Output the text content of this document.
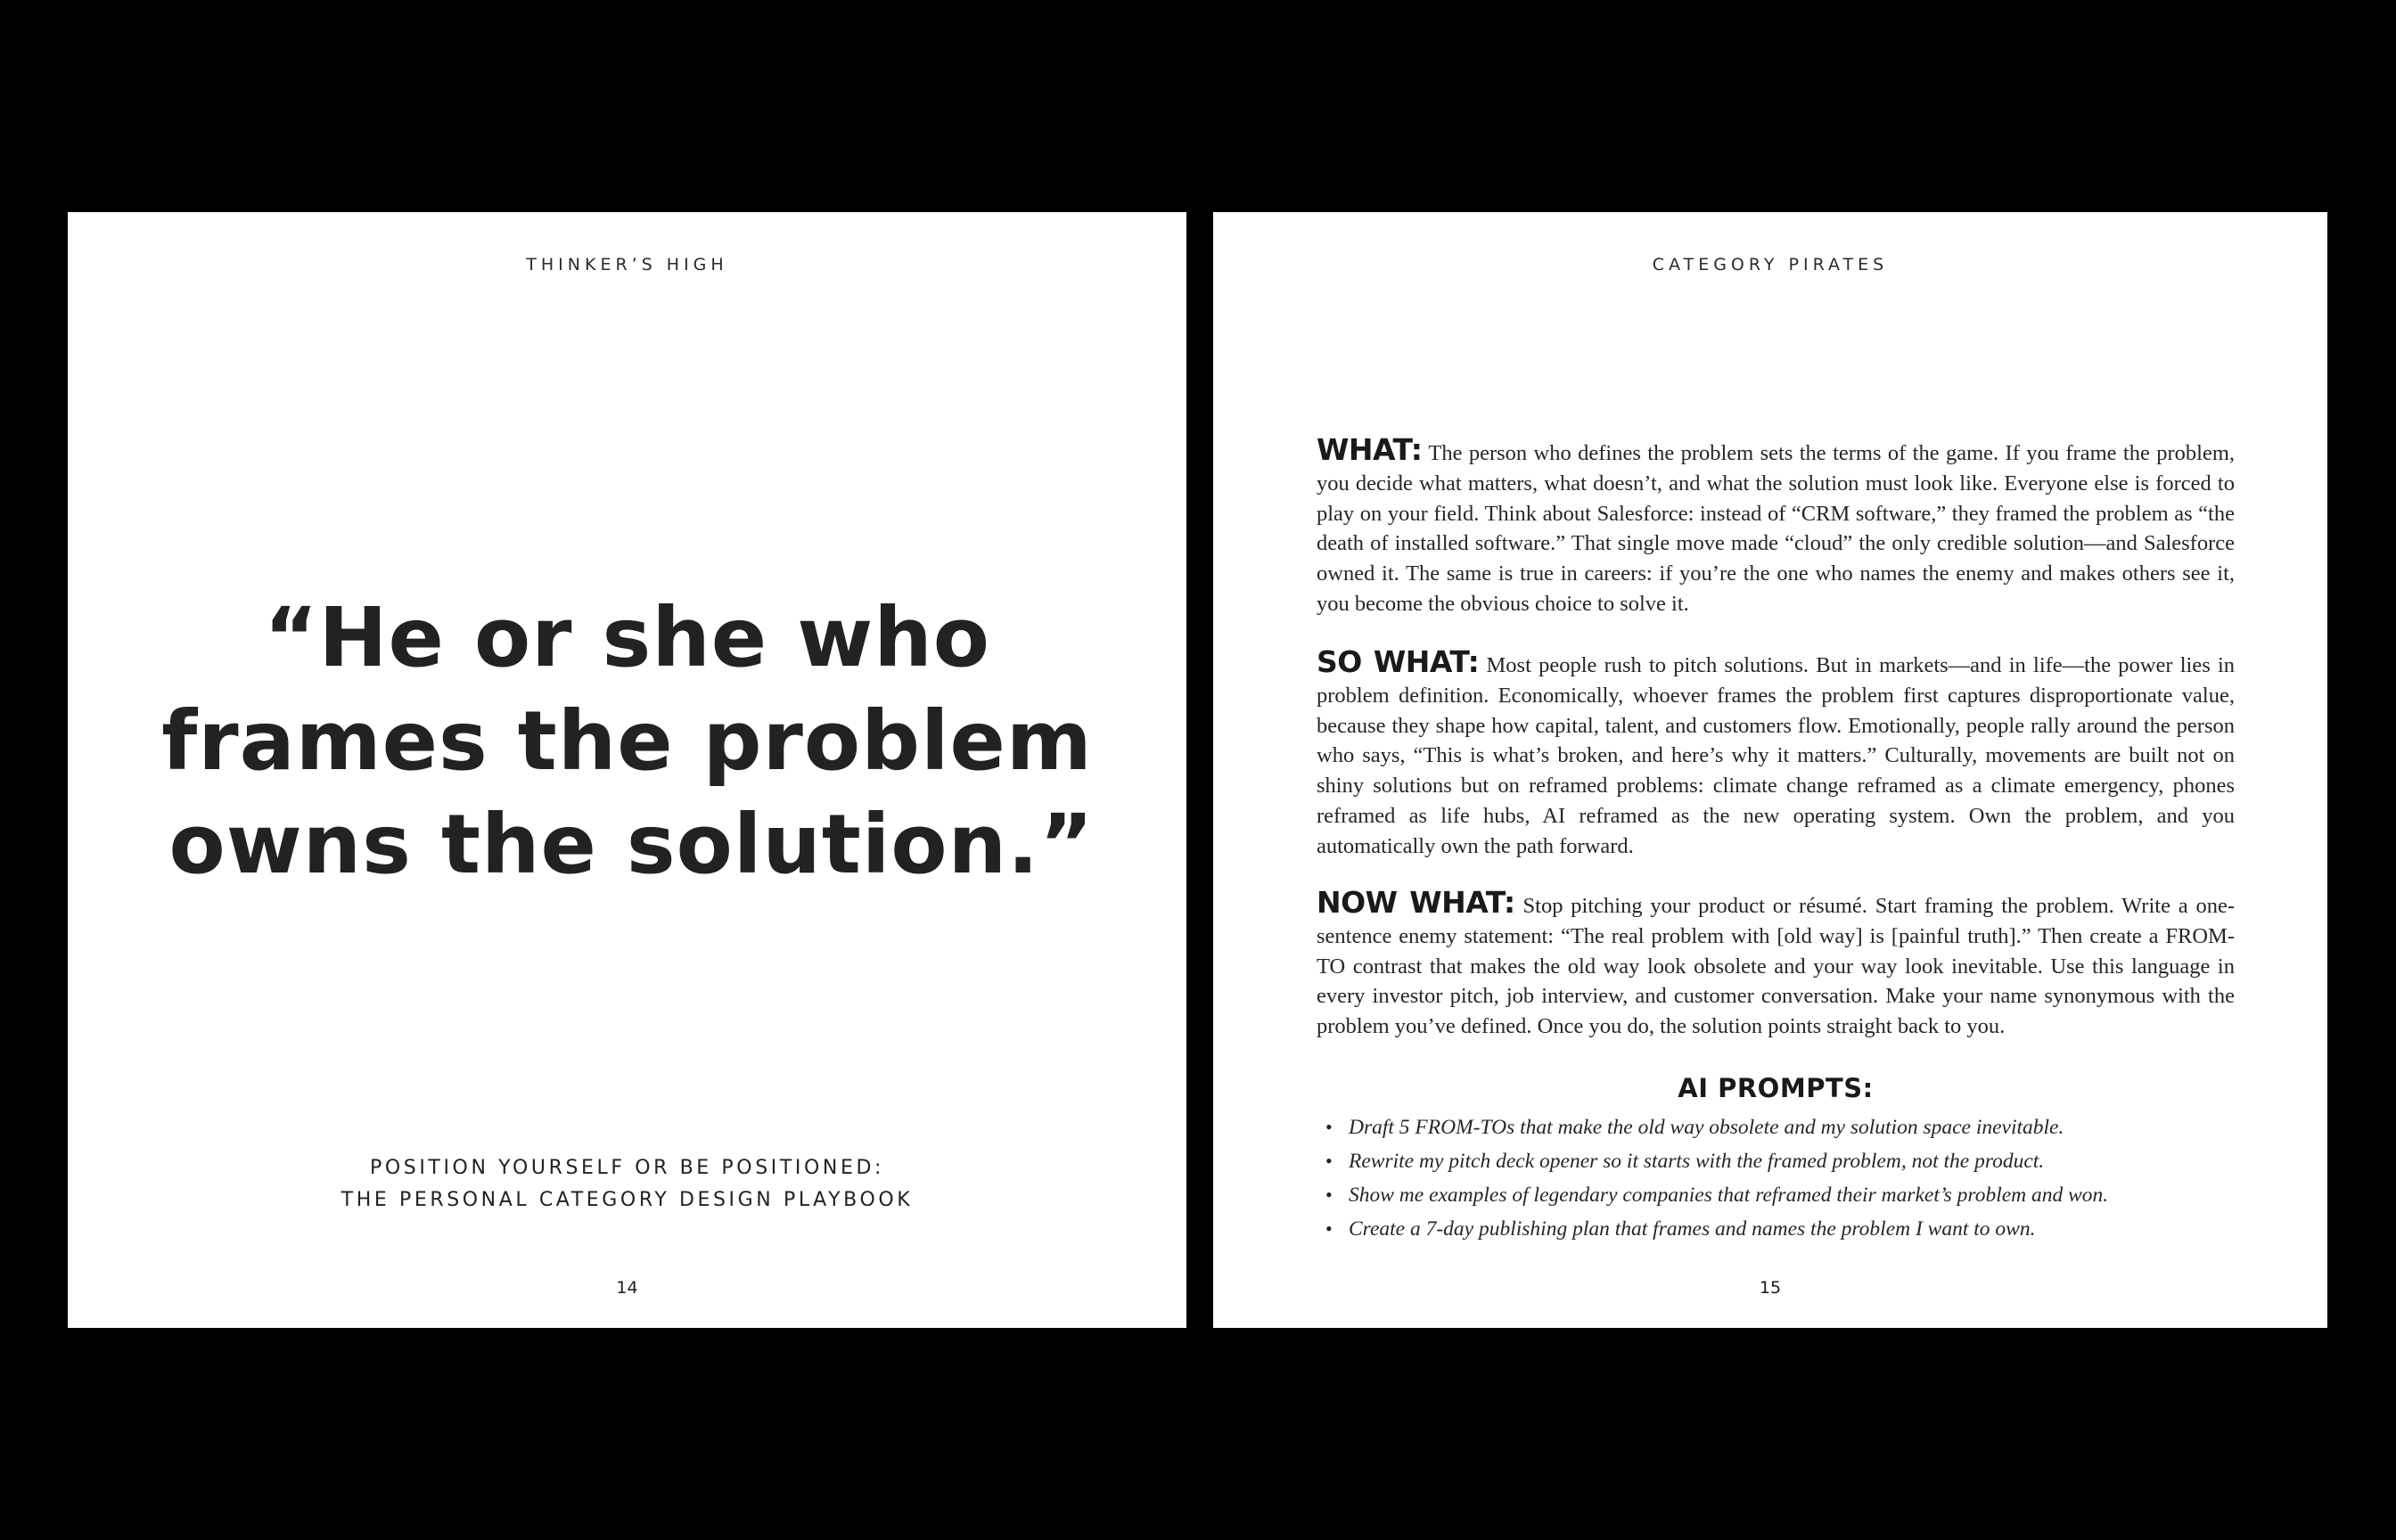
THINKER’S HIGH
“He or she who
frames the problem
owns the solution.”
POSITION YOURSELF OR BE POSITIONED:
THE PERSONAL CATEGORY DESIGN PLAYBOOK
14
CATEGORY PIRATES
WHAT: The person who defines the problem sets the terms of the game. If you frame the problem, you decide what matters, what doesn’t, and what the solution must look like. Everyone else is forced to play on your field. Think about Salesforce: instead of “CRM software,” they framed the problem as “the death of installed software.” That single move made “cloud” the only credible solution—and Salesforce owned it. The same is true in careers: if you’re the one who names the enemy and makes others see it, you become the obvious choice to solve it.
SO WHAT: Most people rush to pitch solutions. But in markets—and in life—the power lies in problem definition. Economically, whoever frames the problem first captures disproportionate value, because they shape how capital, talent, and customers flow. Emotionally, people rally around the person who says, “This is what’s broken, and here’s why it matters.” Culturally, movements are built not on shiny solutions but on reframed problems: climate change reframed as a climate emergency, phones reframed as life hubs, AI reframed as the new operating system. Own the problem, and you automatically own the path forward.
NOW WHAT: Stop pitching your product or résumé. Start framing the problem. Write a one-sentence enemy statement: “The real problem with [old way] is [painful truth].” Then create a FROM-TO contrast that makes the old way look obsolete and your way look inevitable. Use this language in every investor pitch, job interview, and customer conversation. Make your name synonymous with the problem you’ve defined. Once you do, the solution points straight back to you.
AI PROMPTS:
• Draft 5 FROM-TOs that make the old way obsolete and my solution space inevitable.
• Rewrite my pitch deck opener so it starts with the framed problem, not the product.
• Show me examples of legendary companies that reframed their market’s problem and won.
• Create a 7-day publishing plan that frames and names the problem I want to own.
15
